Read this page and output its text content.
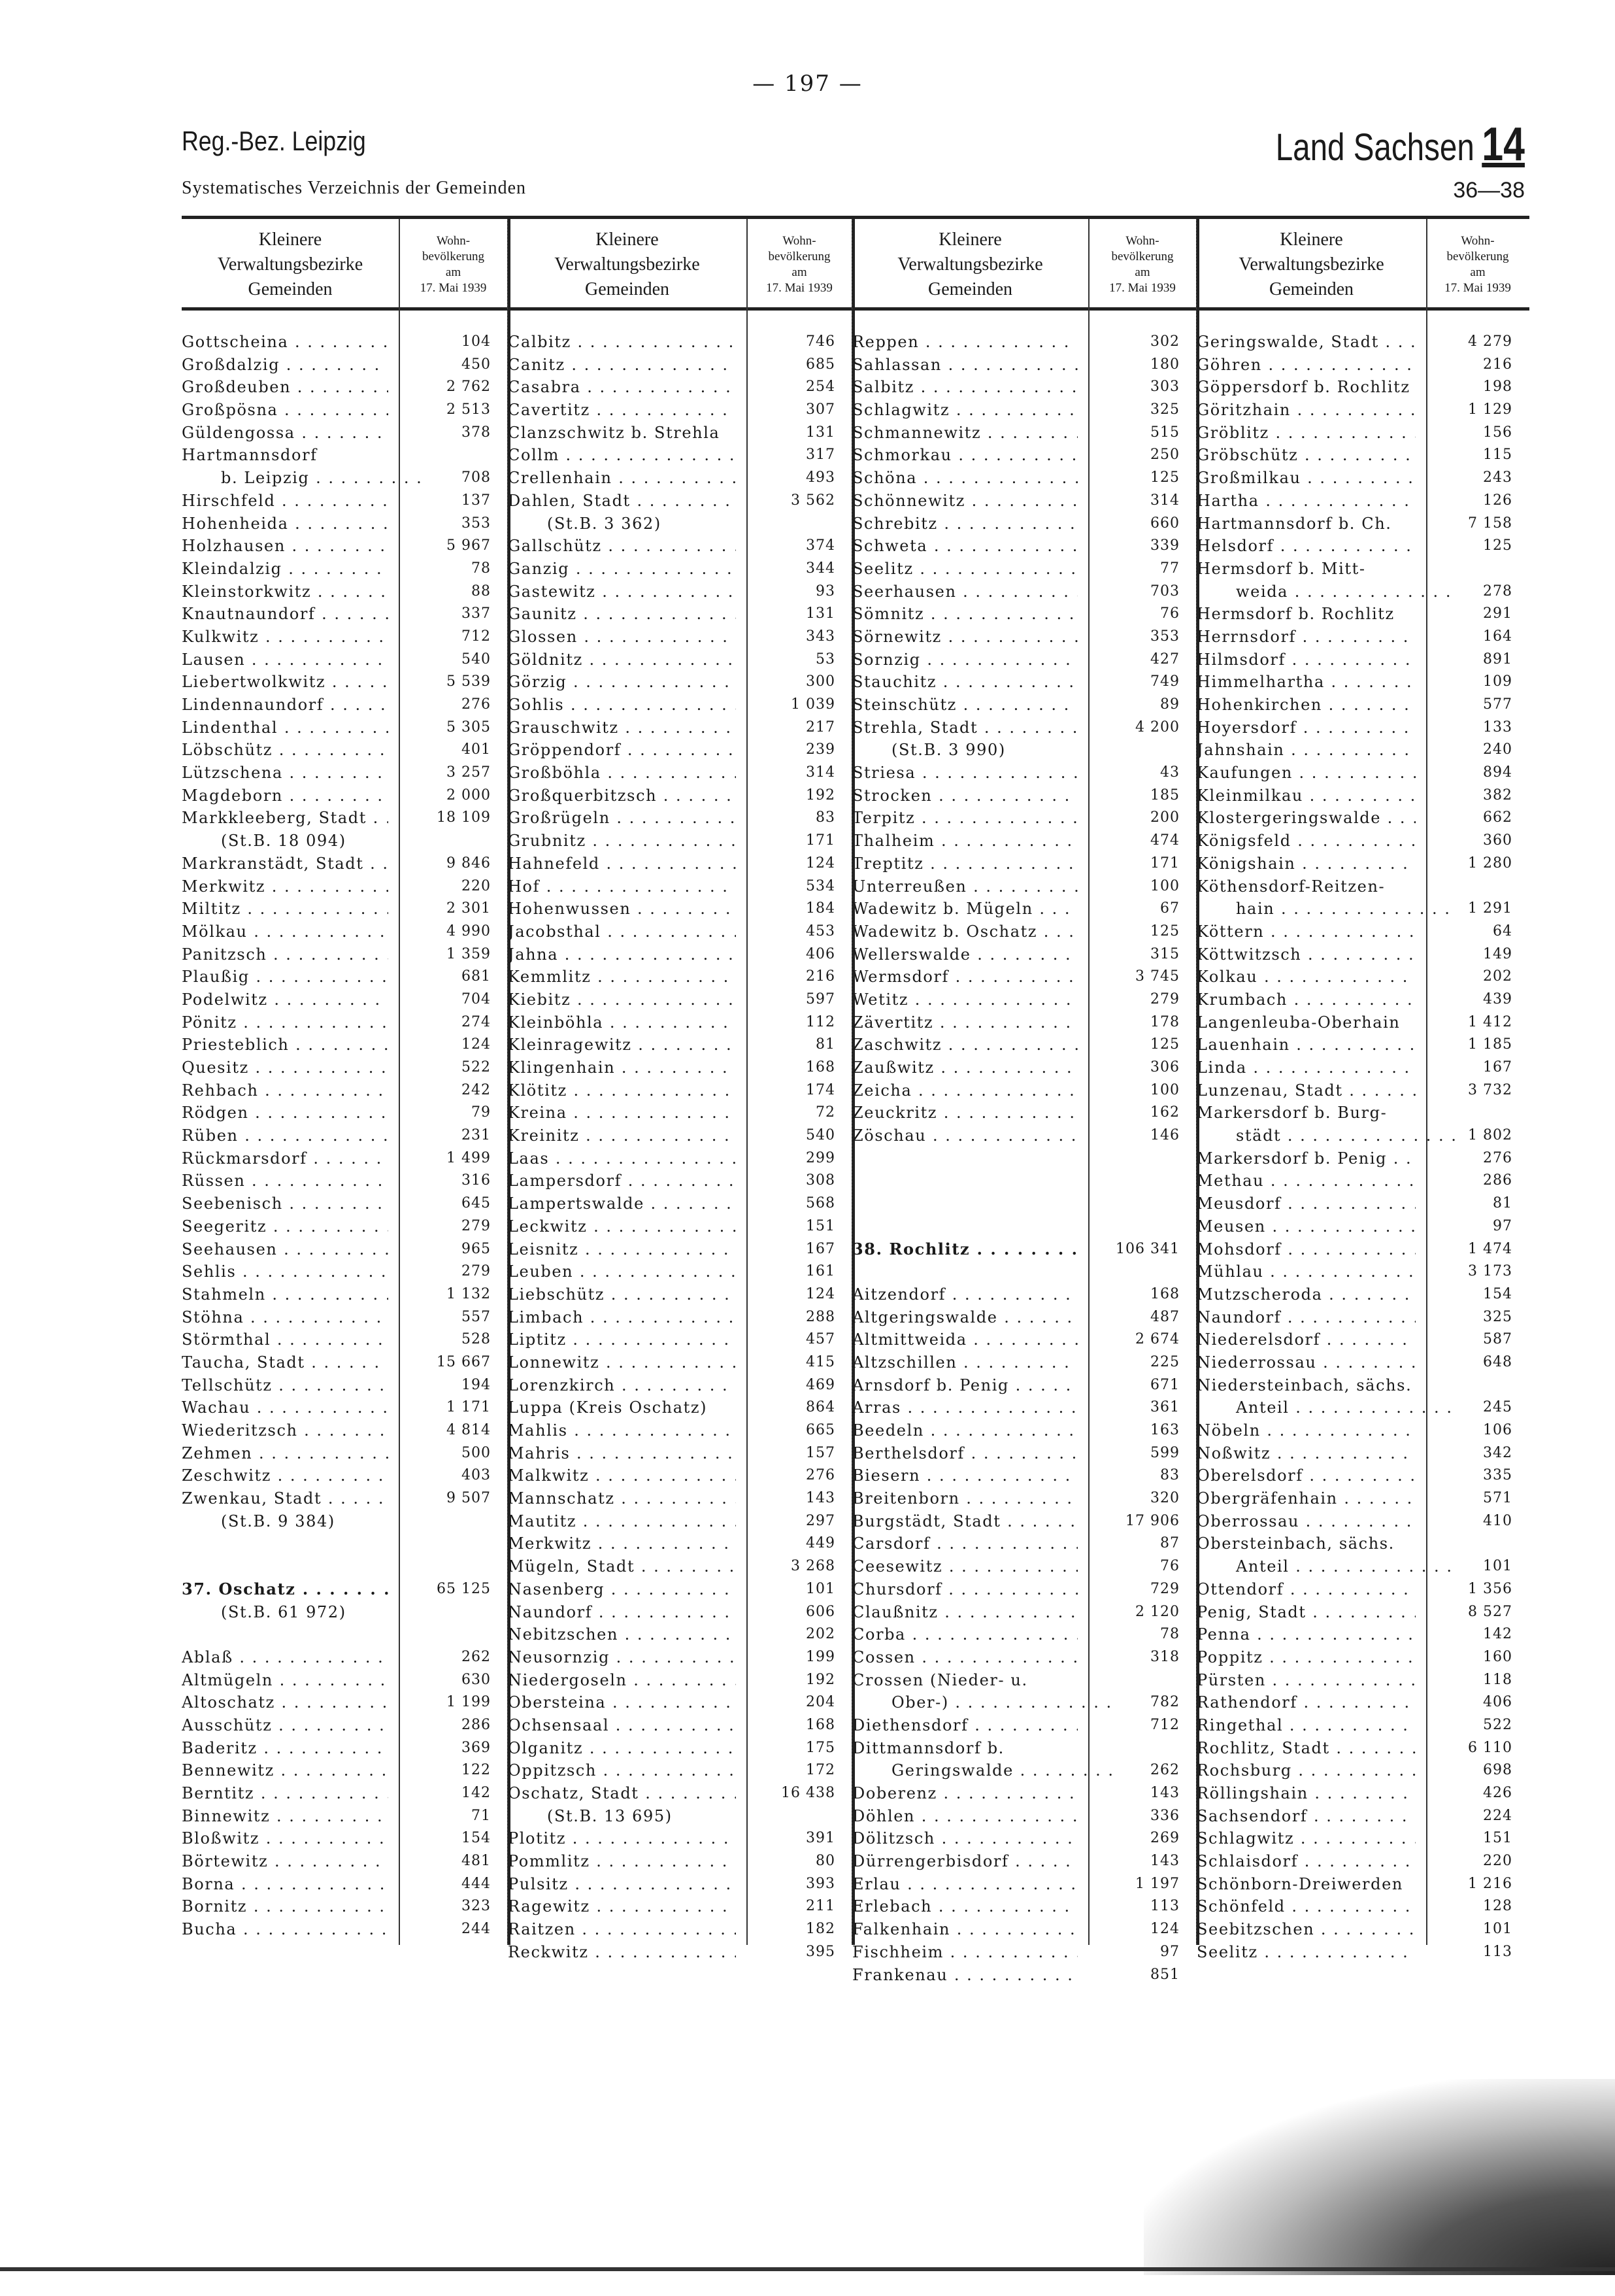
— 197 —
Reg.-Bez. Leipzig
Systematisches Verzeichnis der Gemeinden
Land Sachsen 14
36—38
Kleinere
Verwaltungsbezirke
Gemeinden
Wohn-
bevölkerung
am
17. Mai 1939
Gottscheina . . .	104
Großdalzig . . .	450
Großdeuben . . .	2 762
Großpösna . . .	2 513
Güldengossa . . .	378
Hartmannsdorf
b. Leipzig . . .	708
Hirschfeld . . .	137
Hohenheida . . .	353
Holzhausen . . .	5 967
Kleindalzig . . .	78
Kleinstorkwitz . . .	88
Knautnaundorf . . .	337
Kulkwitz . . .	712
Lausen . . .	540
Liebertwolkwitz . . .	5 539
Lindennaundorf . . .	276
Lindenthal . . .	5 305
Löbschütz . . .	401
Lützschena . . .	3 257
Magdeborn . . .	2 000
Markkleeberg, Stadt . . .	18 109
(St.B. 18 094)
Markranstädt, Stadt . . .	9 846
Merkwitz . . .	220
Miltitz . . .	2 301
Mölkau . . .	4 990
Panitzsch . . .	1 359
Plaußig . . .	681
Podelwitz . . .	704
Pönitz . . .	274
Priesteblich . . .	124
Quesitz . . .	522
Rehbach . . .	242
Rödgen . . .	79
Rüben . . .	231
Rückmarsdorf . . .	1 499
Rüssen . . .	316
Seebenisch . . .	645
Seegeritz . . .	279
Seehausen . . .	965
Sehlis . . .	279
Stahmeln . . .	1 132
Stöhna . . .	557
Störmthal . . .	528
Taucha, Stadt . . .	15 667
Tellschütz . . .	194
Wachau . . .	1 171
Wiederitzsch . . .	4 814
Zehmen . . .	500
Zeschwitz . . .	403
Zwenkau, Stadt . . .	9 507
(St.B. 9 384)
37. Oschatz . . .	65 125
(St.B. 61 972)
Ablaß . . .	262
Altmügeln . . .	630
Altoschatz . . .	1 199
Ausschütz . . .	286
Baderitz . . .	369
Bennewitz . . .	122
Berntitz . . .	142
Binnewitz . . .	71
Bloßwitz . . .	154
Börtewitz . . .	481
Borna . . .	444
Bornitz . . .	323
Bucha . . .	244
Kleinere
Verwaltungsbezirke
Gemeinden
Wohn-
bevölkerung
am
17. Mai 1939
Calbitz . . .	746
Canitz . . .	685
Casabra . . .	254
Cavertitz . . .	307
Clanzschwitz b. Strehla	131
Collm . . .	317
Crellenhain . . .	493
Dahlen, Stadt . . .	3 562
(St.B. 3 362)
Gallschütz . . .	374
Ganzig . . .	344
Gastewitz . . .	93
Gaunitz . . .	131
Glossen . . .	343
Göldnitz . . .	53
Görzig . . .	300
Gohlis . . .	1 039
Grauschwitz . . .	217
Gröppendorf . . .	239
Großböhla . . .	314
Großquerbitzsch . . .	192
Großrügeln . . .	83
Grubnitz . . .	171
Hahnefeld . . .	124
Hof . . .	534
Hohenwussen . . .	184
Jacobsthal . . .	453
Jahna . . .	406
Kemmlitz . . .	216
Kiebitz . . .	597
Kleinböhla . . .	112
Kleinragewitz . . .	81
Klingenhain . . .	168
Klötitz . . .	174
Kreina . . .	72
Kreinitz . . .	540
Laas . . .	299
Lampersdorf . . .	308
Lampertswalde . . .	568
Leckwitz . . .	151
Leisnitz . . .	167
Leuben . . .	161
Liebschütz . . .	124
Limbach . . .	288
Liptitz . . .	457
Lonnewitz . . .	415
Lorenzkirch . . .	469
Luppa (Kreis Oschatz)	864
Mahlis . . .	665
Mahris . . .	157
Malkwitz . . .	276
Mannschatz . . .	143
Mautitz . . .	297
Merkwitz . . .	449
Mügeln, Stadt . . .	3 268
Nasenberg . . .	101
Naundorf . . .	606
Nebitzschen . . .	202
Neusornzig . . .	199
Niedergoseln . . .	192
Obersteina . . .	204
Ochsensaal . . .	168
Olganitz . . .	175
Oppitzsch . . .	172
Oschatz, Stadt . . .	16 438
(St.B. 13 695)
Plotitz . . .	391
Pommlitz . . .	80
Pulsitz . . .	393
Ragewitz . . .	211
Raitzen . . .	182
Reckwitz . . .	395
Kleinere
Verwaltungsbezirke
Gemeinden
Wohn-
bevölkerung
am
17. Mai 1939
Reppen . . .	302
Sahlassan . . .	180
Salbitz . . .	303
Schlagwitz . . .	325
Schmannewitz . . .	515
Schmorkau . . .	250
Schöna . . .	125
Schönnewitz . . .	314
Schrebitz . . .	660
Schweta . . .	339
Seelitz . . .	77
Seerhausen . . .	703
Sömnitz . . .	76
Sörnewitz . . .	353
Sornzig . . .	427
Stauchitz . . .	749
Steinschütz . . .	89
Strehla, Stadt . . .	4 200
(St.B. 3 990)
Striesa . . .	43
Strocken . . .	185
Terpitz . . .	200
Thalheim . . .	474
Treptitz . . .	171
Unterreußen . . .	100
Wadewitz b. Mügeln . . .	67
Wadewitz b. Oschatz . . .	125
Wellerswalde . . .	315
Wermsdorf . . .	3 745
Wetitz . . .	279
Zävertitz . . .	178
Zaschwitz . . .	125
Zaußwitz . . .	306
Zeicha . . .	100
Zeuckritz . . .	162
Zöschau . . .	146
38. Rochlitz . . .	106 341
Aitzendorf . . .	168
Altgeringswalde . . .	487
Altmittweida . . .	2 674
Altzschillen . . .	225
Arnsdorf b. Penig . . .	671
Arras . . .	361
Beedeln . . .	163
Berthelsdorf . . .	599
Biesern . . .	83
Breitenborn . . .	320
Burgstädt, Stadt . . .	17 906
Carsdorf . . .	87
Ceesewitz . . .	76
Chursdorf . . .	729
Claußnitz . . .	2 120
Corba . . .	78
Cossen . . .	318
Crossen (Nieder- u.
Ober-) . . .	782
Diethensdorf . . .	712
Dittmannsdorf b.
Geringswalde . . .	262
Doberenz . . .	143
Döhlen . . .	336
Dölitzsch . . .	269
Dürrengerbisdorf . . .	143
Erlau . . .	1 197
Erlebach . . .	113
Falkenhain . . .	124
Fischheim . . .	97
Frankenau . . .	851
Kleinere
Verwaltungsbezirke
Gemeinden
Wohn-
bevölkerung
am
17. Mai 1939
Geringswalde, Stadt . . .	4 279
Göhren . . .	216
Göppersdorf b. Rochlitz	198
Göritzhain . . .	1 129
Gröblitz . . .	156
Gröbschütz . . .	115
Großmilkau . . .	243
Hartha . . .	126
Hartmannsdorf b. Ch.	7 158
Helsdorf . . .	125
Hermsdorf b. Mitt-
weida . . .	278
Hermsdorf b. Rochlitz	291
Herrnsdorf . . .	164
Hilmsdorf . . .	891
Himmelhartha . . .	109
Hohenkirchen . . .	577
Hoyersdorf . . .	133
Jahnshain . . .	240
Kaufungen . . .	894
Kleinmilkau . . .	382
Klostergeringswalde . . .	662
Königsfeld . . .	360
Königshain . . .	1 280
Köthensdorf-Reitzen-
hain . . .	1 291
Köttern . . .	64
Köttwitzsch . . .	149
Kolkau . . .	202
Krumbach . . .	439
Langenleuba-Oberhain	1 412
Lauenhain . . .	1 185
Linda . . .	167
Lunzenau, Stadt . . .	3 732
Markersdorf b. Burg-
städt . . .	1 802
Markersdorf b. Penig . . .	276
Methau . . .	286
Meusdorf . . .	81
Meusen . . .	97
Mohsdorf . . .	1 474
Mühlau . . .	3 173
Mutzscheroda . . .	154
Naundorf . . .	325
Niederelsdorf . . .	587
Niederrossau . . .	648
Niedersteinbach, sächs.
Anteil . . .	245
Nöbeln . . .	106
Noßwitz . . .	342
Oberelsdorf . . .	335
Obergräfenhain . . .	571
Oberrossau . . .	410
Obersteinbach, sächs.
Anteil . . .	101
Ottendorf . . .	1 356
Penig, Stadt . . .	8 527
Penna . . .	142
Poppitz . . .	160
Pürsten . . .	118
Rathendorf . . .	406
Ringethal . . .	522
Rochlitz, Stadt . . .	6 110
Rochsburg . . .	698
Röllingshain . . .	426
Sachsendorf . . .	224
Schlagwitz . . .	151
Schlaisdorf . . .	220
Schönborn-Dreiwerden	1 216
Schönfeld . . .	128
Seebitzschen . . .	101
Seelitz . . .	113
